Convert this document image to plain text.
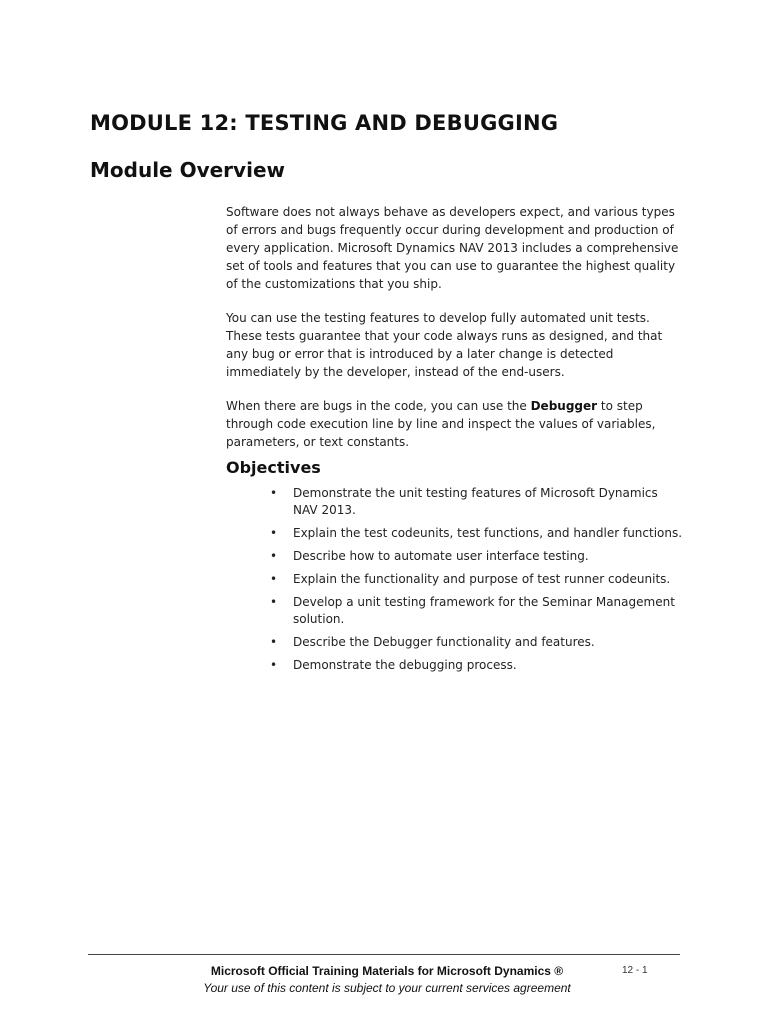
MODULE 12: TESTING AND DEBUGGING
Module Overview

Software does not always behave as developers expect, and various types of errors and bugs frequently occur during development and production of every application. Microsoft Dynamics NAV 2013 includes a comprehensive set of tools and features that you can use to guarantee the highest quality of the customizations that you ship.

You can use the testing features to develop fully automated unit tests. These tests guarantee that your code always runs as designed, and that any bug or error that is introduced by a later change is detected immediately by the developer, instead of the end-users.

When there are bugs in the code, you can use the Debugger to step through code execution line by line and inspect the values of variables, parameters, or text constants.

Objectives
• Demonstrate the unit testing features of Microsoft Dynamics NAV 2013.
• Explain the test codeunits, test functions, and handler functions.
• Describe how to automate user interface testing.
• Explain the functionality and purpose of test runner codeunits.
• Develop a unit testing framework for the Seminar Management solution.
• Describe the Debugger functionality and features.
• Demonstrate the debugging process.
Microsoft Official Training Materials for Microsoft Dynamics ®
Your use of this content is subject to your current services agreement
12 - 1
